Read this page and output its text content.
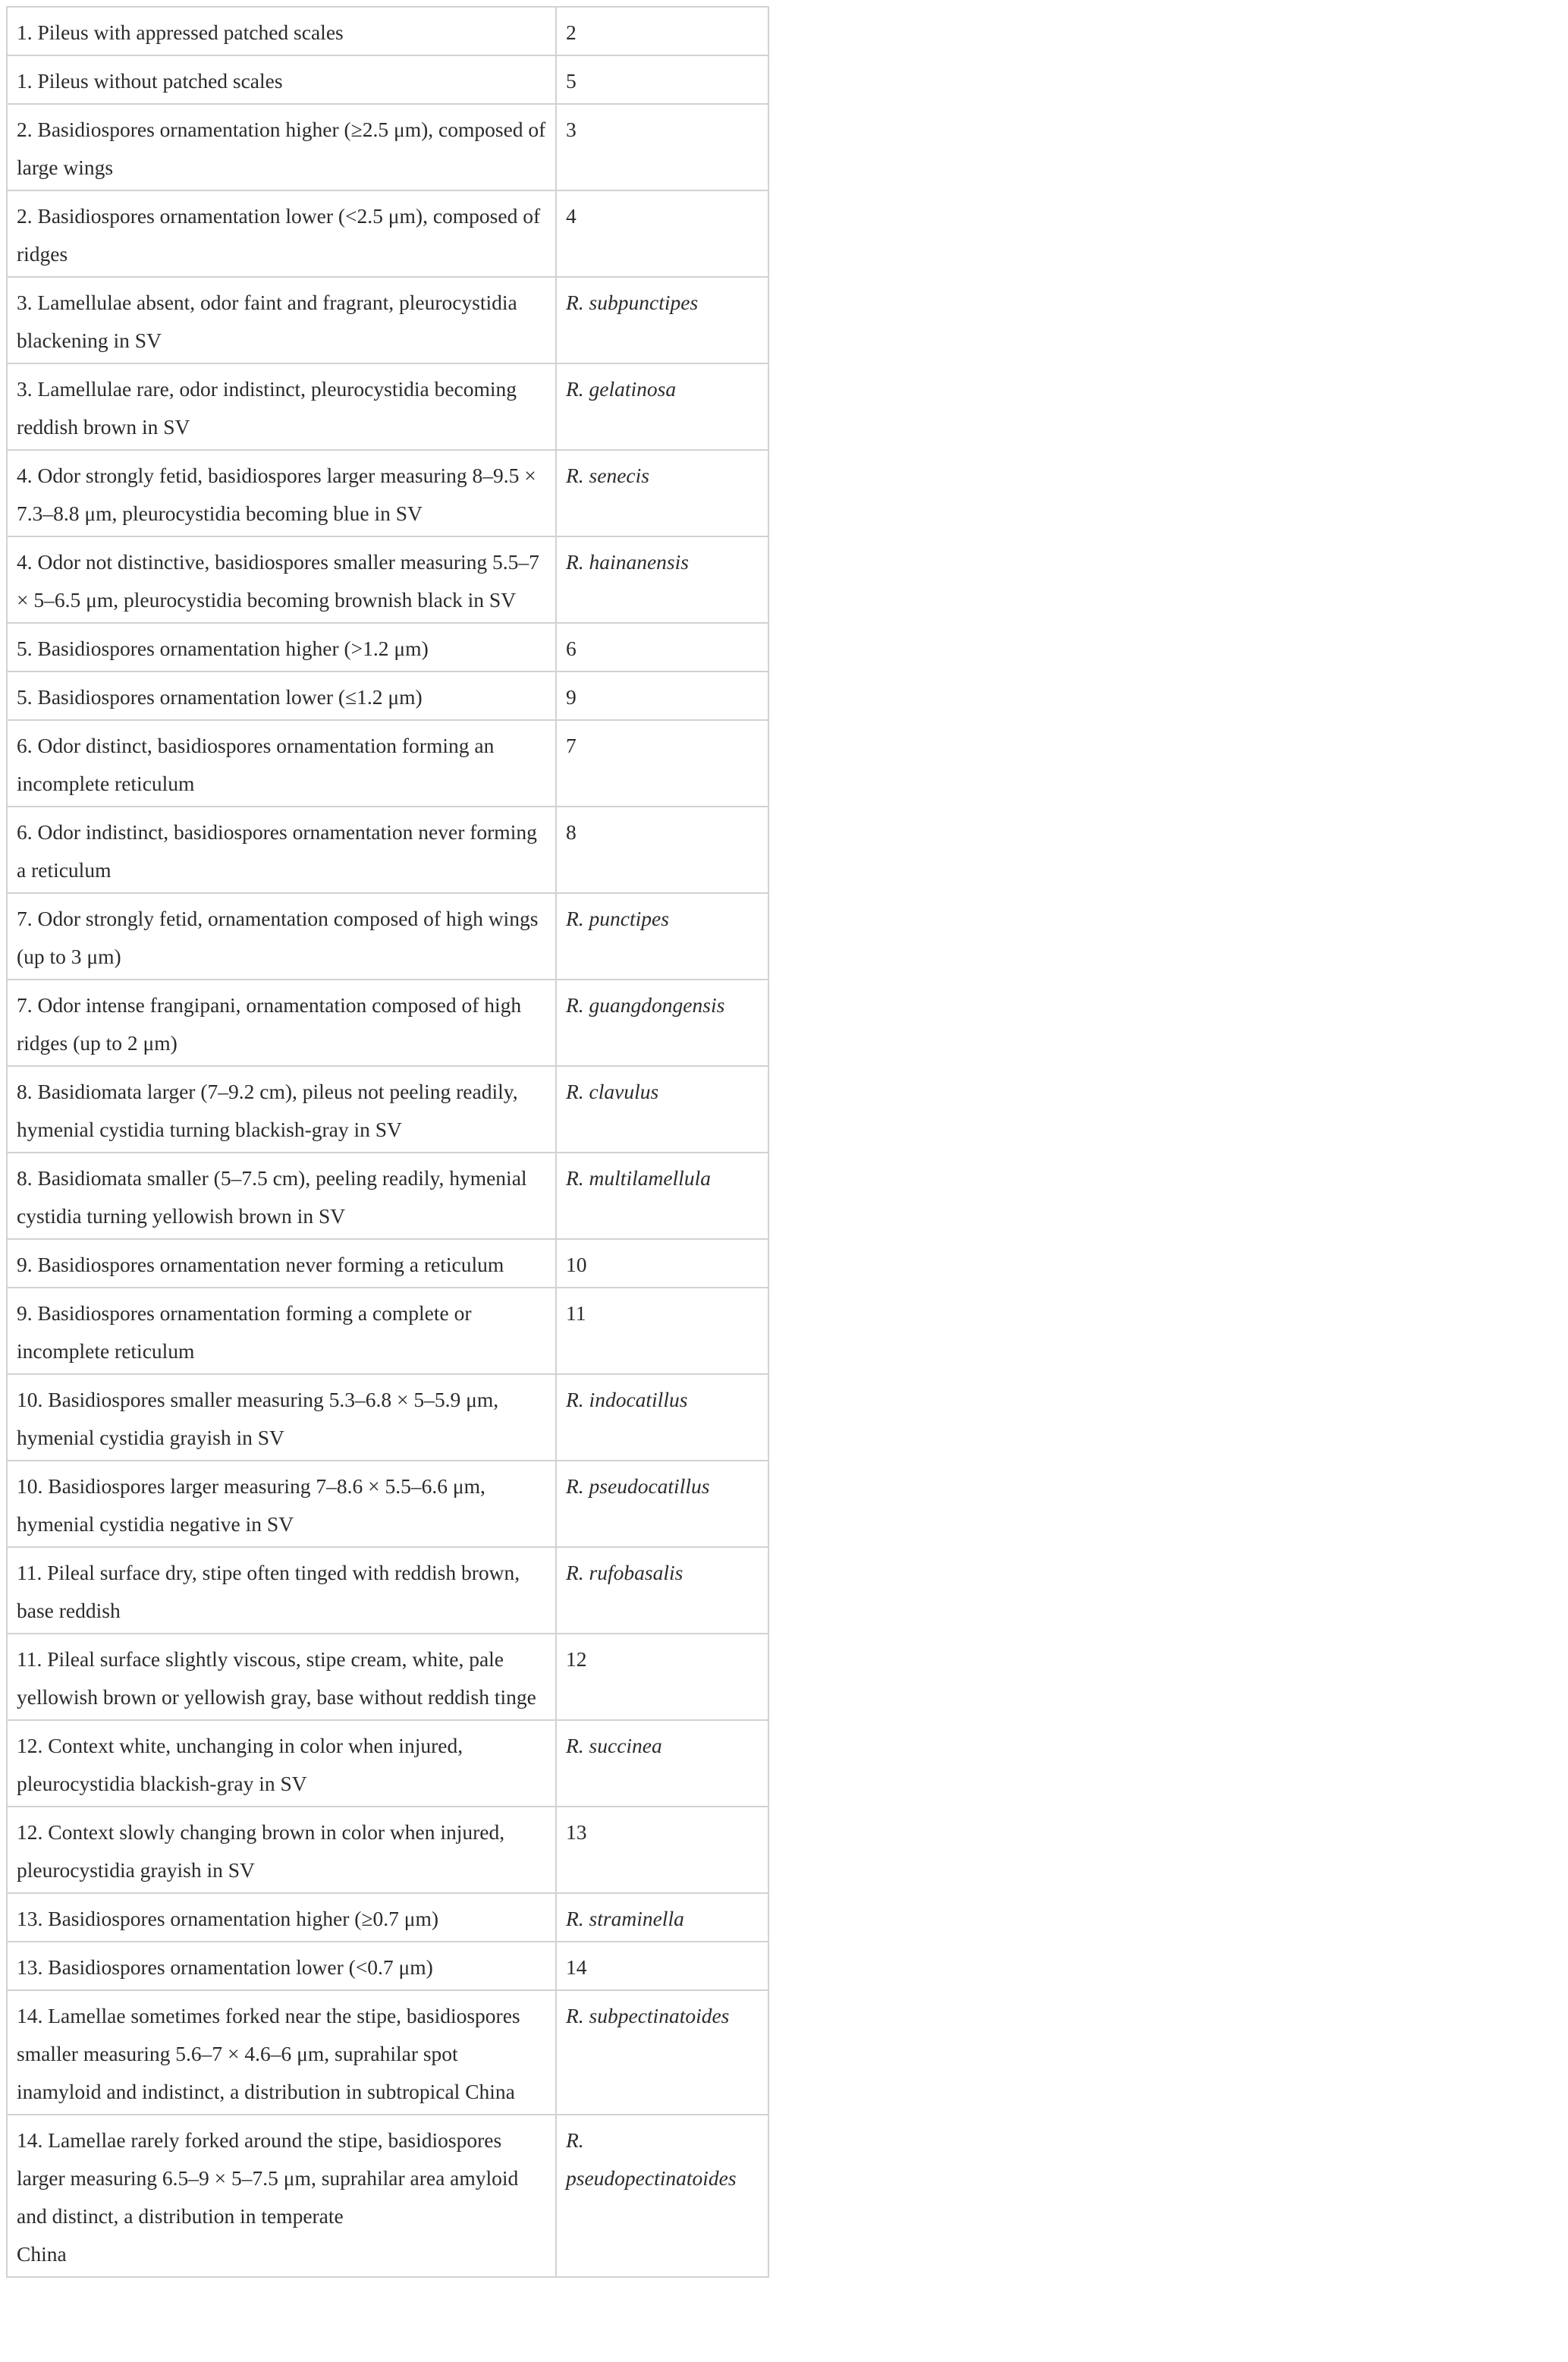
1. Pileus with appressed patched scales	2
1. Pileus without patched scales	5
2. Basidiospores ornamentation higher (≥2.5 μm), composed of large wings	3
2. Basidiospores ornamentation lower (<2.5 μm), composed of ridges	4
3. Lamellulae absent, odor faint and fragrant, pleurocystidia blackening in SV	R. subpunctipes
3. Lamellulae rare, odor indistinct, pleurocystidia becoming reddish brown in SV	R. gelatinosa
4. Odor strongly fetid, basidiospores larger measuring 8–9.5 × 7.3–8.8 μm, pleurocystidia becoming blue in SV	R. senecis
4. Odor not distinctive, basidiospores smaller measuring 5.5–7 × 5–6.5 μm, pleurocystidia becoming brownish black in SV	R. hainanensis
5. Basidiospores ornamentation higher (>1.2 μm)	6
5. Basidiospores ornamentation lower (≤1.2 μm)	9
6. Odor distinct, basidiospores ornamentation forming an incomplete reticulum	7
6. Odor indistinct, basidiospores ornamentation never forming a reticulum	8
7. Odor strongly fetid, ornamentation composed of high wings (up to 3 μm)	R. punctipes
7. Odor intense frangipani, ornamentation composed of high ridges (up to 2 μm)	R. guangdongensis
8. Basidiomata larger (7–9.2 cm), pileus not peeling readily, hymenial cystidia turning blackish-gray in SV	R. clavulus
8. Basidiomata smaller (5–7.5 cm), peeling readily, hymenial cystidia turning yellowish brown in SV	R. multilamellula
9. Basidiospores ornamentation never forming a reticulum	10
9. Basidiospores ornamentation forming a complete or incomplete reticulum	11
10. Basidiospores smaller measuring 5.3–6.8 × 5–5.9 μm, hymenial cystidia grayish in SV	R. indocatillus
10. Basidiospores larger measuring 7–8.6 × 5.5–6.6 μm, hymenial cystidia negative in SV	R. pseudocatillus
11. Pileal surface dry, stipe often tinged with reddish brown, base reddish	R. rufobasalis
11. Pileal surface slightly viscous, stipe cream, white, pale yellowish brown or yellowish gray, base without reddish tinge	12
12. Context white, unchanging in color when injured, pleurocystidia blackish-gray in SV	R. succinea
12. Context slowly changing brown in color when injured, pleurocystidia grayish in SV	13
13. Basidiospores ornamentation higher (≥0.7 μm)	R. straminella
13. Basidiospores ornamentation lower (<0.7 μm)	14
14. Lamellae sometimes forked near the stipe, basidiospores smaller measuring 5.6–7 × 4.6–6 μm, suprahilar spot inamyloid and indistinct, a distribution in subtropical China	R. subpectinatoides
14. Lamellae rarely forked around the stipe, basidiospores larger measuring 6.5–9 × 5–7.5 μm, suprahilar area amyloid and distinct, a distribution in temperate
China	R. pseudopectinatoides
